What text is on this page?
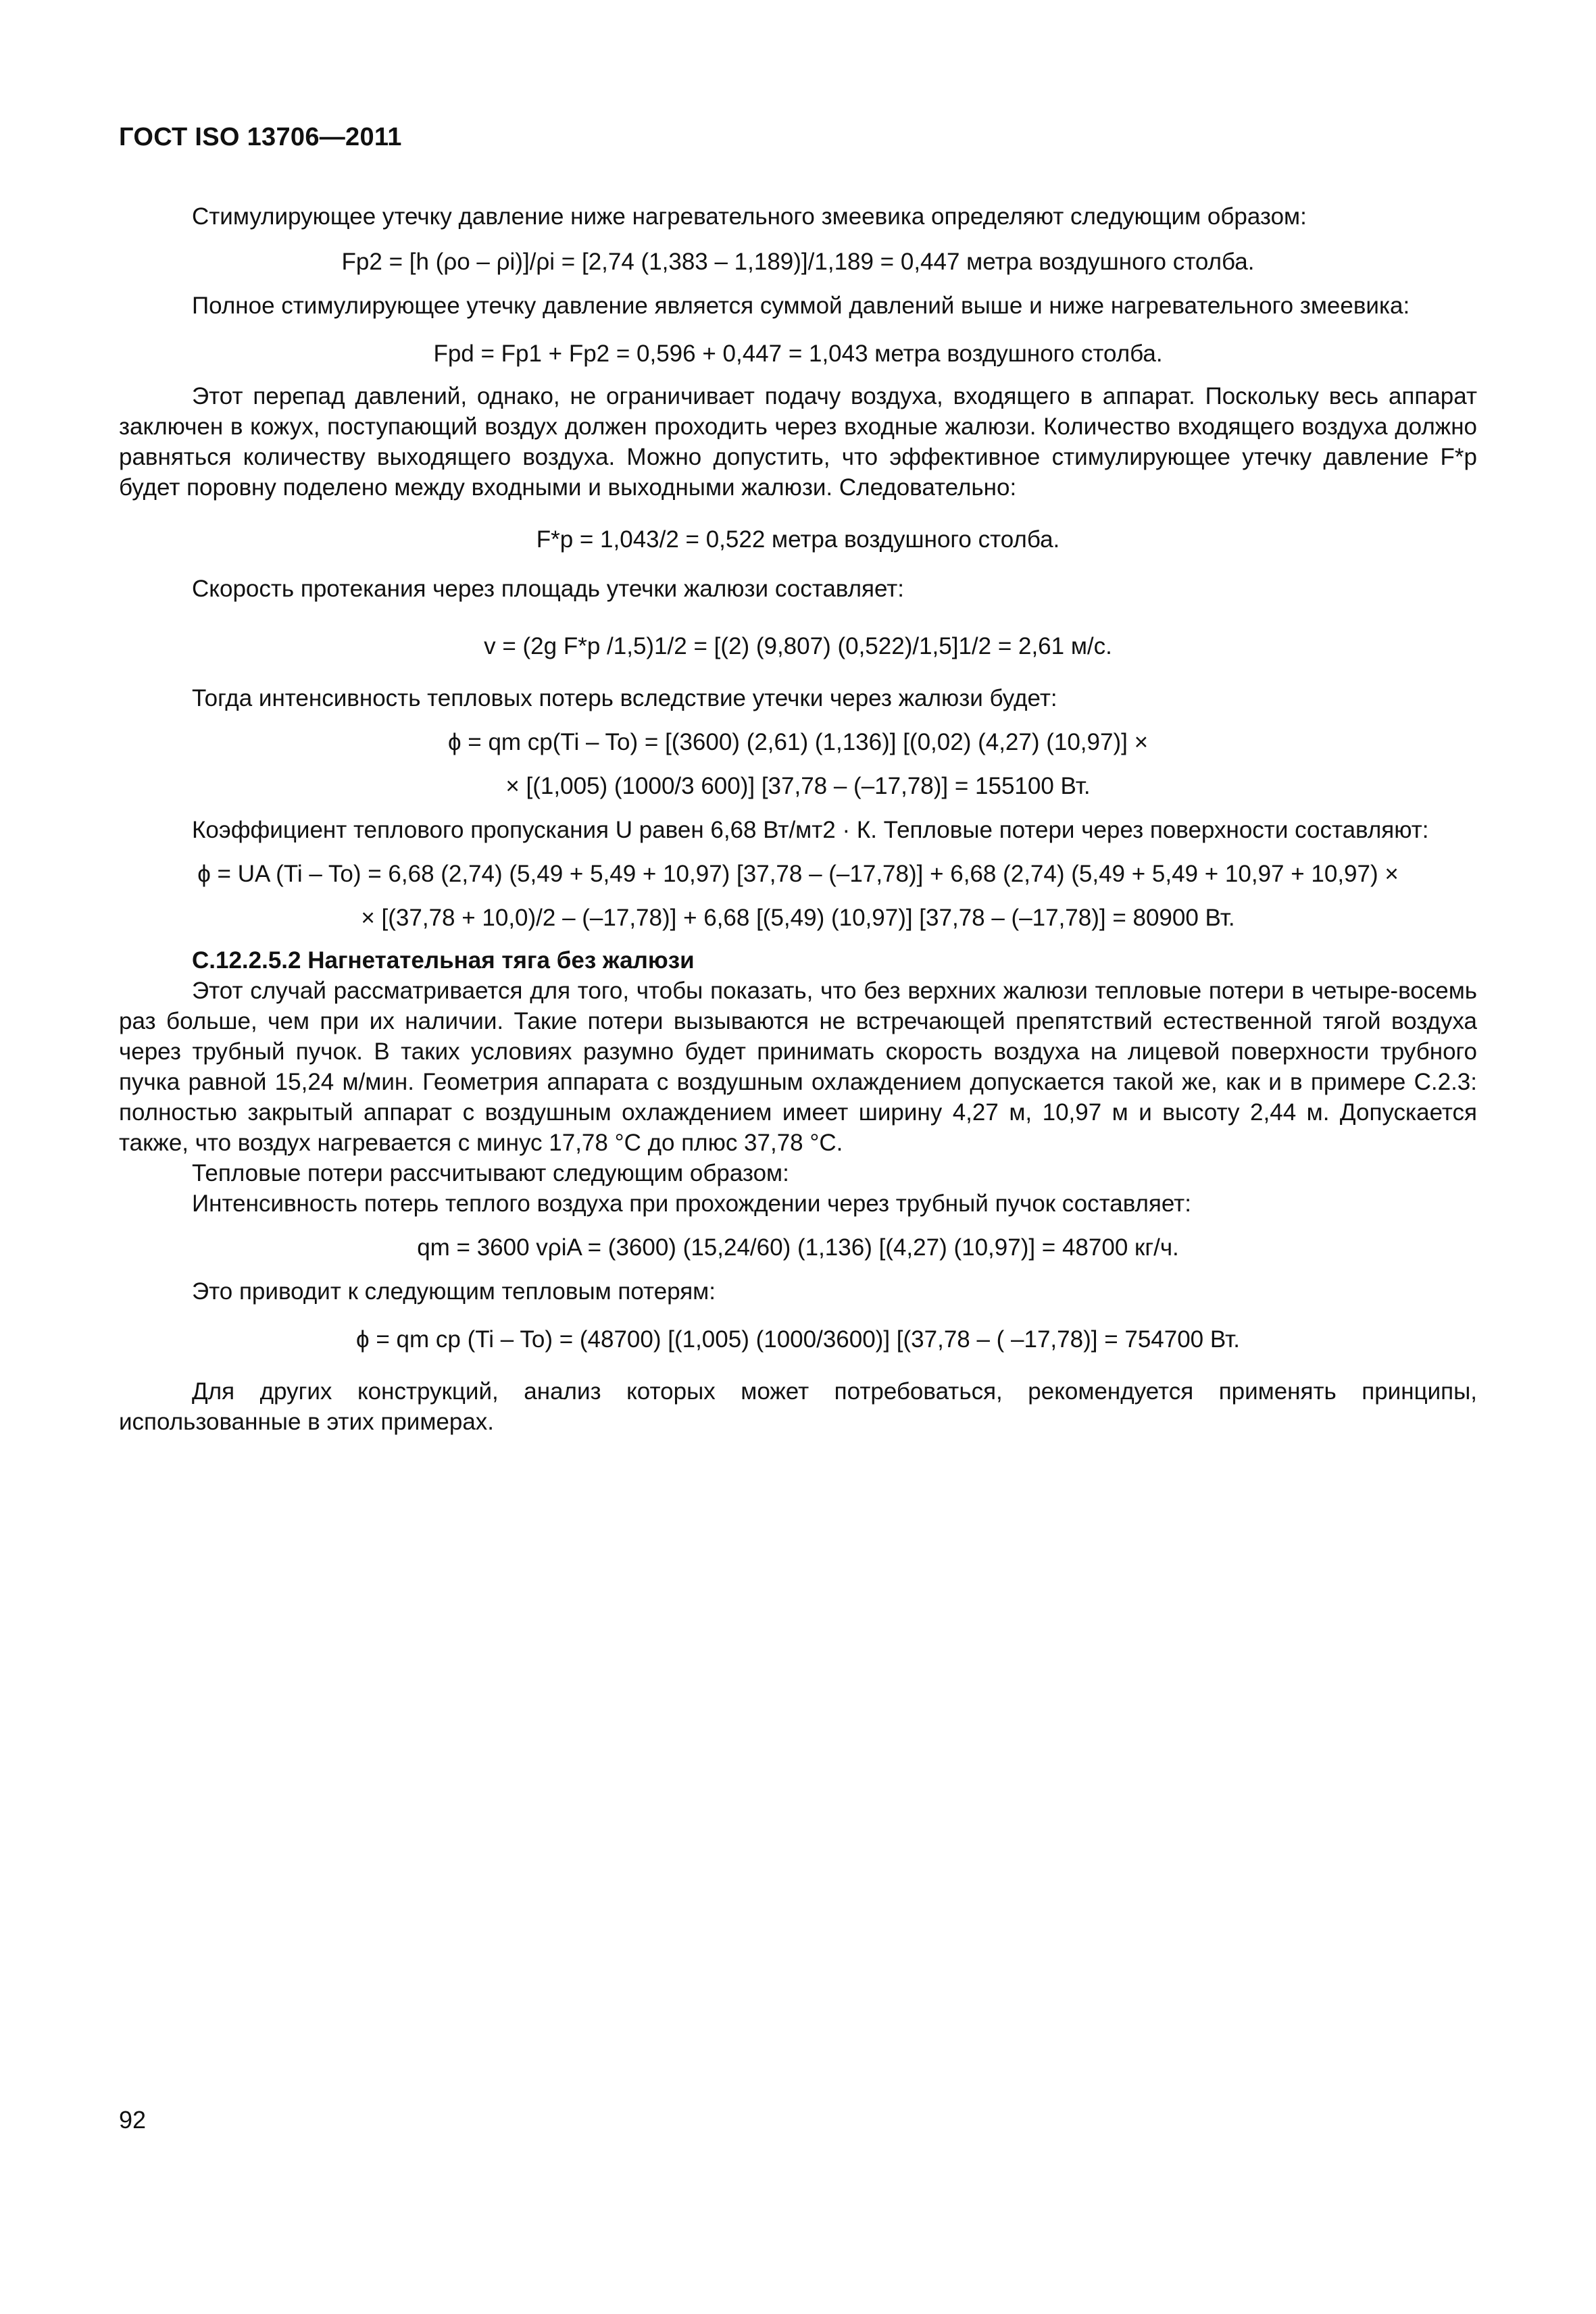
ГОСТ ISO 13706—2011

Стимулирующее утечку давление ниже нагревательного змеевика определяют следующим образом:

Fp2 = [h (ρo – ρi)]/ρi = [2,74 (1,383 – 1,189)]/1,189 = 0,447 метра воздушного столба.

Полное стимулирующее утечку давление является суммой давлений выше и ниже нагревательного змеевика:

Fpd = Fp1 + Fp2 = 0,596 + 0,447 = 1,043 метра воздушного столба.

Этот перепад давлений, однако, не ограничивает подачу воздуха, входящего в аппарат. Поскольку весь аппарат заключен в кожух, поступающий воздух должен проходить через входные жалюзи. Количество входящего воздуха должно равняться количеству выходящего воздуха. Можно допустить, что эффективное стимулирующее утечку давление F*p будет поровну поделено между входными и выходными жалюзи. Следовательно:

F*p = 1,043/2 = 0,522 метра воздушного столба.

Скорость протекания через площадь утечки жалюзи составляет:

v = (2g F*p /1,5)1/2 = [(2) (9,807) (0,522)/1,5]1/2 = 2,61 м/с.

Тогда интенсивность тепловых потерь вследствие утечки через жалюзи будет:

ϕ = qm cp(Ti – To) = [(3600) (2,61) (1,136)] [(0,02) (4,27) (10,97)] ×

× [(1,005) (1000/3 600)] [37,78 – (–17,78)] = 155100 Вт.

Коэффициент теплового пропускания U равен 6,68 Вт/мт2 · К. Тепловые потери через поверхности составляют:

ϕ = UA (Ti – To) = 6,68 (2,74) (5,49 + 5,49 + 10,97) [37,78 – (–17,78)] + 6,68 (2,74) (5,49 + 5,49 + 10,97 + 10,97) ×

× [(37,78 + 10,0)/2 – (–17,78)] + 6,68 [(5,49) (10,97)] [37,78 – (–17,78)] = 80900 Вт.

С.12.2.5.2 Нагнетательная тяга без жалюзи

Этот случай рассматривается для того, чтобы показать, что без верхних жалюзи тепловые потери в четыре-восемь раз больше, чем при их наличии. Такие потери вызываются не встречающей препятствий естественной тягой воздуха через трубный пучок. В таких условиях разумно будет принимать скорость воздуха на лицевой поверхности трубного пучка равной 15,24 м/мин. Геометрия аппарата с воздушным охлаждением допускается такой же, как и в примере С.2.3: полностью закрытый аппарат с воздушным охлаждением имеет ширину 4,27 м, 10,97 м и высоту 2,44 м. Допускается также, что воздух нагревается с минус 17,78 °С до плюс 37,78 °С.

Тепловые потери рассчитывают следующим образом:

Интенсивность потерь теплого воздуха при прохождении через трубный пучок составляет:

qm = 3600 vρiA = (3600) (15,24/60) (1,136) [(4,27) (10,97)] = 48700 кг/ч.

Это приводит к следующим тепловым потерям:

ϕ = qm cp (Ti – To) = (48700) [(1,005) (1000/3600)] [(37,78 – ( –17,78)] = 754700 Вт.

Для других конструкций, анализ которых может потребоваться, рекомендуется применять принципы, использованные в этих примерах.

92
